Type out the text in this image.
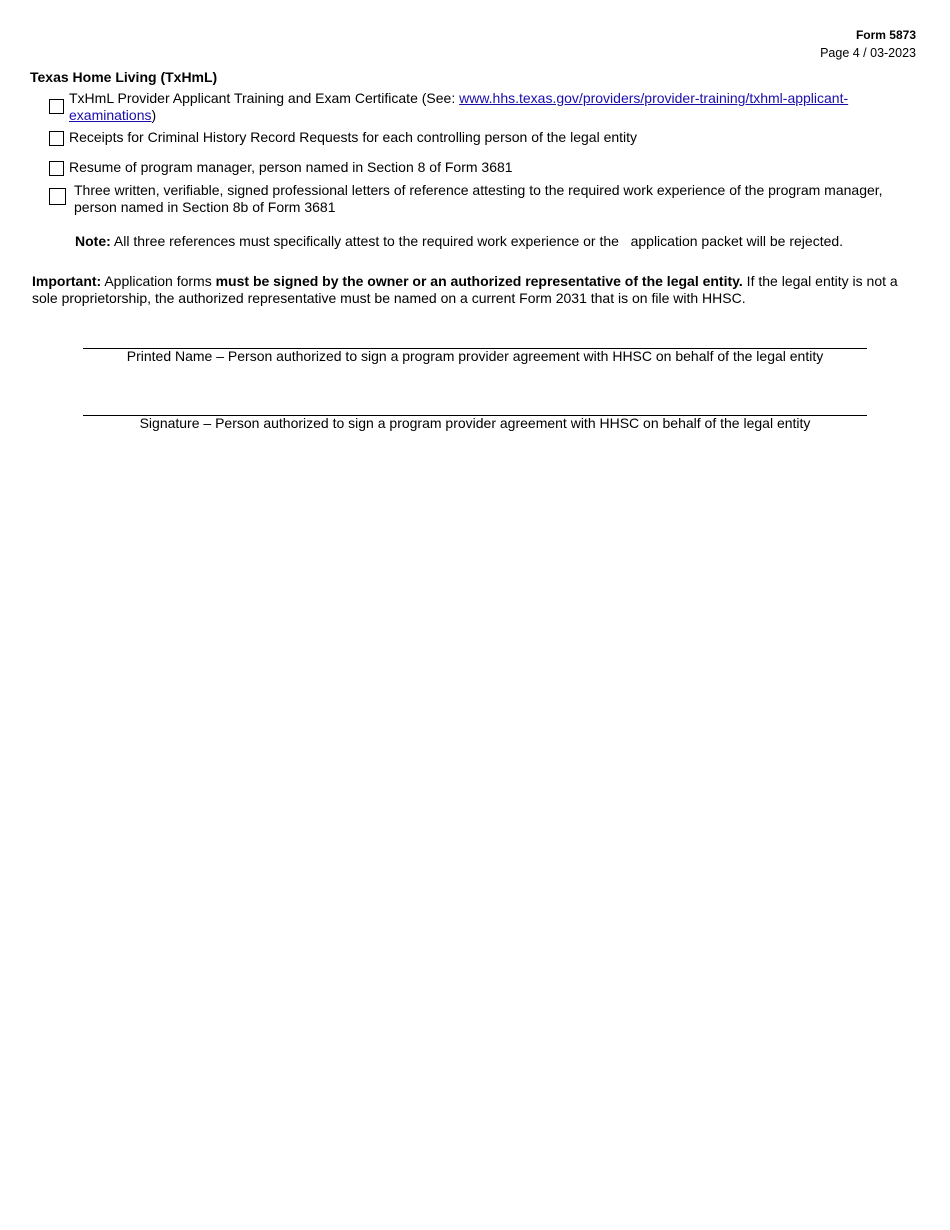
Form 5873
Page 4 / 03-2023
Texas Home Living (TxHmL)
TxHmL Provider Applicant Training and Exam Certificate (See: www.hhs.texas.gov/providers/provider-training/txhml-applicant-
examinations)
Receipts for Criminal History Record Requests for each controlling person of the legal entity
Resume of program manager, person named in Section 8 of Form 3681
Three written, verifiable, signed professional letters of reference attesting to the required work experience of the program manager,
person named in Section 8b of Form 3681
Note: All three references must specifically attest to the required work experience or the   application packet will be rejected.
Important: Application forms must be signed by the owner or an authorized representative of the legal entity. If the legal entity is not a sole proprietorship, the authorized representative must be named on a current Form 2031 that is on file with HHSC.
Printed Name – Person authorized to sign a program provider agreement with HHSC on behalf of the legal entity
Signature – Person authorized to sign a program provider agreement with HHSC on behalf of the legal entity
